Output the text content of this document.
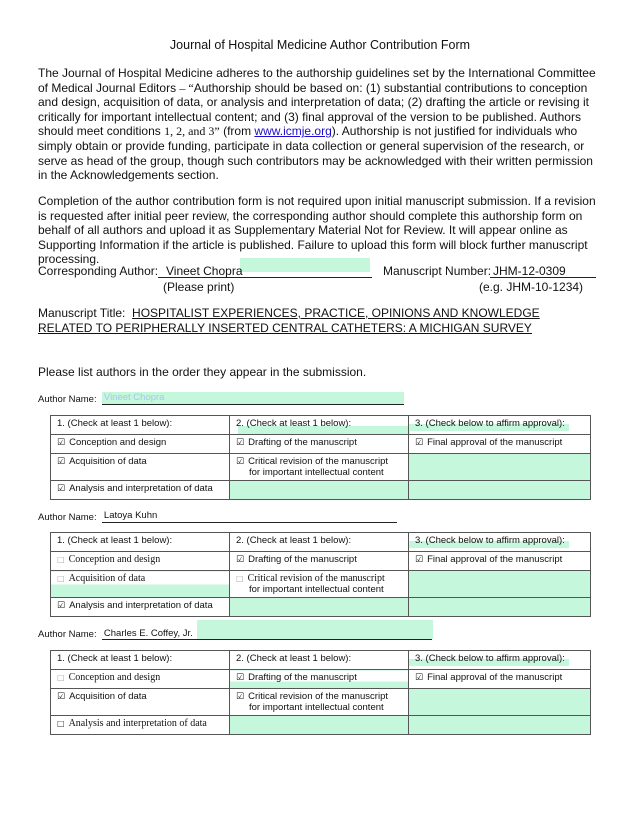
Journal of Hospital Medicine Author Contribution Form

The Journal of Hospital Medicine adheres to the authorship guidelines set by the International Committee of Medical Journal Editors – “Authorship should be based on: (1) substantial contributions to conception and design, acquisition of data, or analysis and interpretation of data; (2) drafting the article or revising it critically for important intellectual content; and (3) final approval of the version to be published. Authors should meet conditions 1, 2, and 3” (from www.icmje.org). Authorship is not justified for individuals who simply obtain or provide funding, participate in data collection or general supervision of the research, or serve as head of the group, though such contributors may be acknowledged with their written permission in the Acknowledgements section.

Completion of the author contribution form is not required upon initial manuscript submission. If a revision is requested after initial peer review, the corresponding author should complete this authorship form on behalf of all authors and upload it as Supplementary Material Not for Review. It will appear online as Supporting Information if the article is published. Failure to upload this form will block further manuscript processing.

Corresponding Author: Vineet Chopra
(Please print)
Manuscript Number: JHM-12-0309
(e.g. JHM-10-1234)
Manuscript Title: HOSPITALIST EXPERIENCES, PRACTICE, OPINIONS AND KNOWLEDGE
RELATED TO PERIPHERALLY INSERTED CENTRAL CATHETERS: A MICHIGAN SURVEY
Please list authors in the order they appear in the submission.
Author Name: Vineet Chopra
1. (Check at least 1 below):	2. (Check at least 1 below):	3. (Check below to affirm approval):
☑ Conception and design	☑ Drafting of the manuscript	☑ Final approval of the manuscript
☑ Acquisition of data	☑ Critical revision of the manuscript
for important intellectual content	
☑ Analysis and interpretation of data		
Author Name: Latoya Kuhn
1. (Check at least 1 below):	2. (Check at least 1 below):	3. (Check below to affirm approval):
□ Conception and design	☑ Drafting of the manuscript	☑ Final approval of the manuscript
□ Acquisition of data	□ Critical revision of the manuscript
for important intellectual content	
☑ Analysis and interpretation of data		
Author Name: Charles E. Coffey, Jr.
1. (Check at least 1 below):	2. (Check at least 1 below):	3. (Check below to affirm approval):
□ Conception and design	☑ Drafting of the manuscript	☑ Final approval of the manuscript
☑ Acquisition of data	☑ Critical revision of the manuscript
for important intellectual content	
□ Analysis and interpretation of data		
